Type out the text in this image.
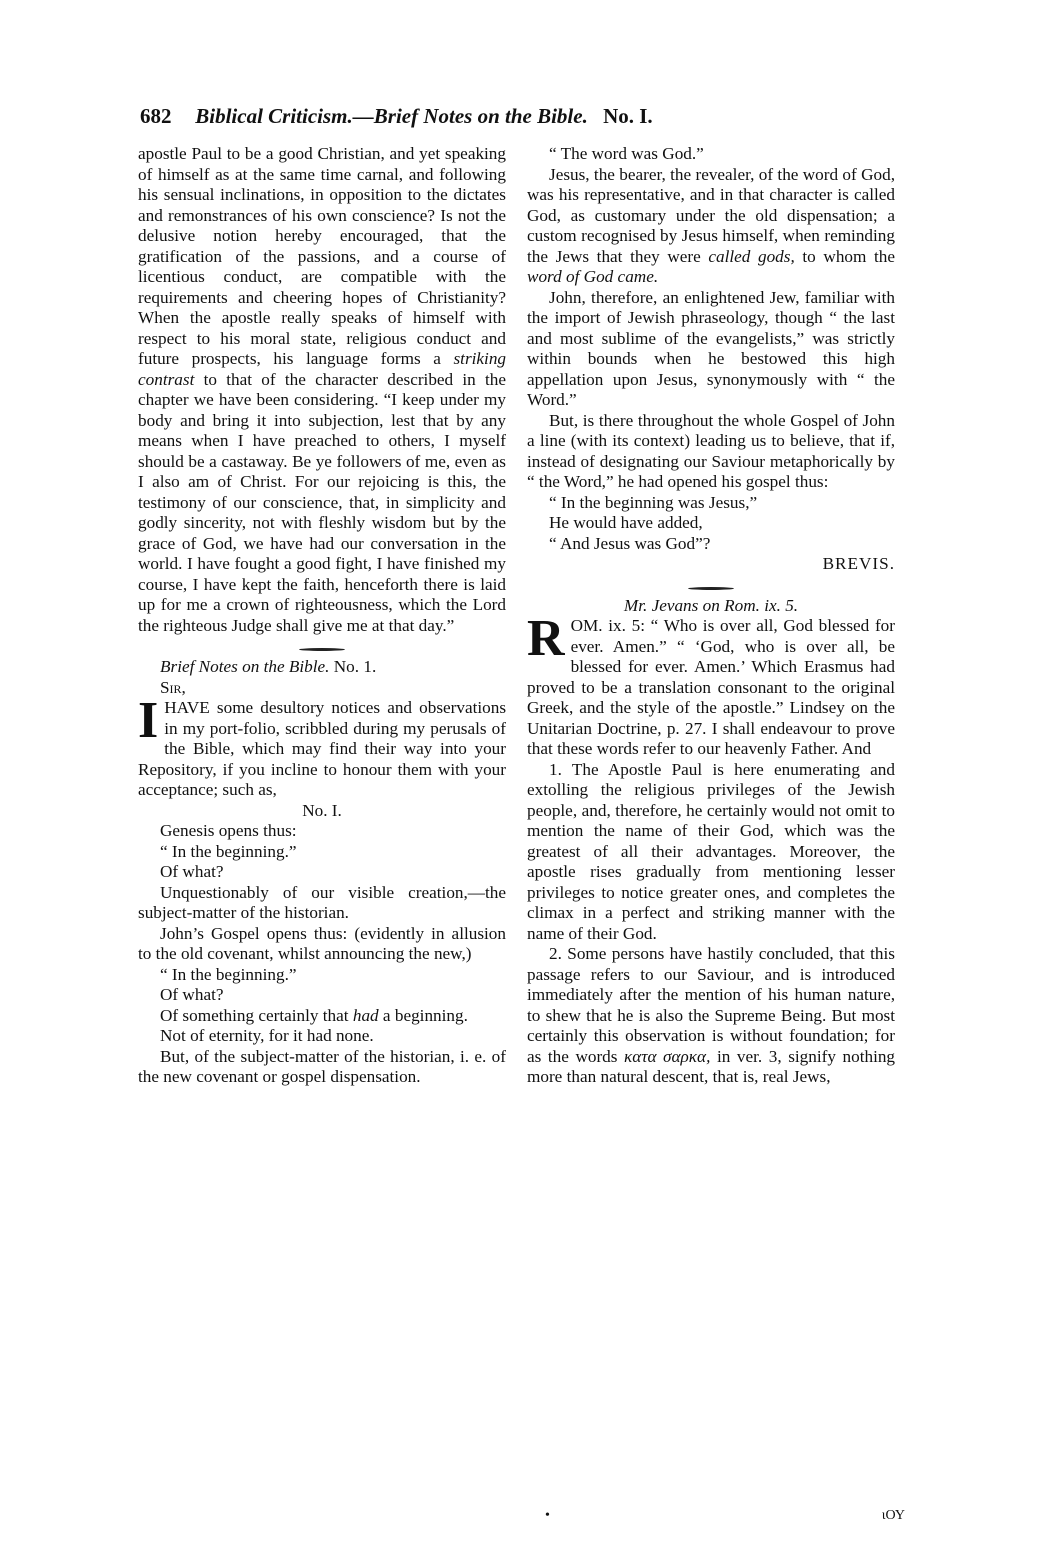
682 Biblical Criticism.—Brief Notes on the Bible. No. I.

apostle Paul to be a good Christian, and yet speaking of himself as at the same time carnal, and following his sensual inclinations, in opposition to the dictates and remonstrances of his own conscience? Is not the delusive notion hereby encouraged, that the gratification of the passions, and a course of licentious conduct, are compatible with the requirements and cheering hopes of Christianity? When the apostle really speaks of himself with respect to his moral state, religious conduct and future prospects, his language forms a striking contrast to that of the character described in the chapter we have been considering. “I keep under my body and bring it into subjection, lest that by any means when I have preached to others, I myself should be a castaway. Be ye followers of me, even as I also am of Christ. For our rejoicing is this, the testimony of our conscience, that, in simplicity and godly sincerity, not with fleshly wisdom but by the grace of God, we have had our conversation in the world. I have fought a good fight, I have finished my course, I have kept the faith, henceforth there is laid up for me a crown of righteousness, which the Lord the righteous Judge shall give me at that day.”

Brief Notes on the Bible. No. 1.

Sir,

IHAVE some desultory notices and observations in my port-folio, scribbled during my perusals of the Bible, which may find their way into your Repository, if you incline to honour them with your acceptance; such as,

No. I.

Genesis opens thus:

“ In the beginning.”

Of what?

Unquestionably of our visible creation,—the subject-matter of the historian.

John’s Gospel opens thus: (evidently in allusion to the old covenant, whilst announcing the new,)

“ In the beginning.”

Of what?

Of something certainly that had a beginning.

Not of eternity, for it had none.

But, of the subject-matter of the historian, i. e. of the new covenant or gospel dispensation.

“ The word was God.”

Jesus, the bearer, the revealer, of the word of God, was his representative, and in that character is called God, as customary under the old dispensation; a custom recognised by Jesus himself, when reminding the Jews that they were called gods, to whom the word of God came.

John, therefore, an enlightened Jew, familiar with the import of Jewish phraseology, though “ the last and most sublime of the evangelists,” was strictly within bounds when he bestowed this high appellation upon Jesus, synonymously with “ the Word.”

But, is there throughout the whole Gospel of John a line (with its context) leading us to believe, that if, instead of designating our Saviour metaphorically by “ the Word,” he had opened his gospel thus:

“ In the beginning was Jesus,”

He would have added,

“ And Jesus was God”?

BREVIS.

Mr. Jevans on Rom. ix. 5.

ROM. ix. 5: “ Who is over all, God blessed for ever. Amen.” “ ‘God, who is over all, be blessed for ever. Amen.’ Which Erasmus had proved to be a translation consonant to the original Greek, and the style of the apostle.” Lindsey on the Unitarian Doctrine, p. 27. I shall endeavour to prove that these words refer to our heavenly Father. And

1. The Apostle Paul is here enumerating and extolling the religious privileges of the Jewish people, and, therefore, he certainly would not omit to mention the name of their God, which was the greatest of all their advantages. Moreover, the apostle rises gradually from mentioning lesser privileges to notice greater ones, and completes the climax in a perfect and striking manner with the name of their God.

2. Some persons have hastily concluded, that this passage refers to our Saviour, and is introduced immediately after the mention of his human nature, to shew that he is also the Supreme Being. But most certainly this observation is without foundation; for as the words κατα σαρκα, in ver. 3, signify nothing more than natural descent, that is, real Jews,

•	ιΟΥ
